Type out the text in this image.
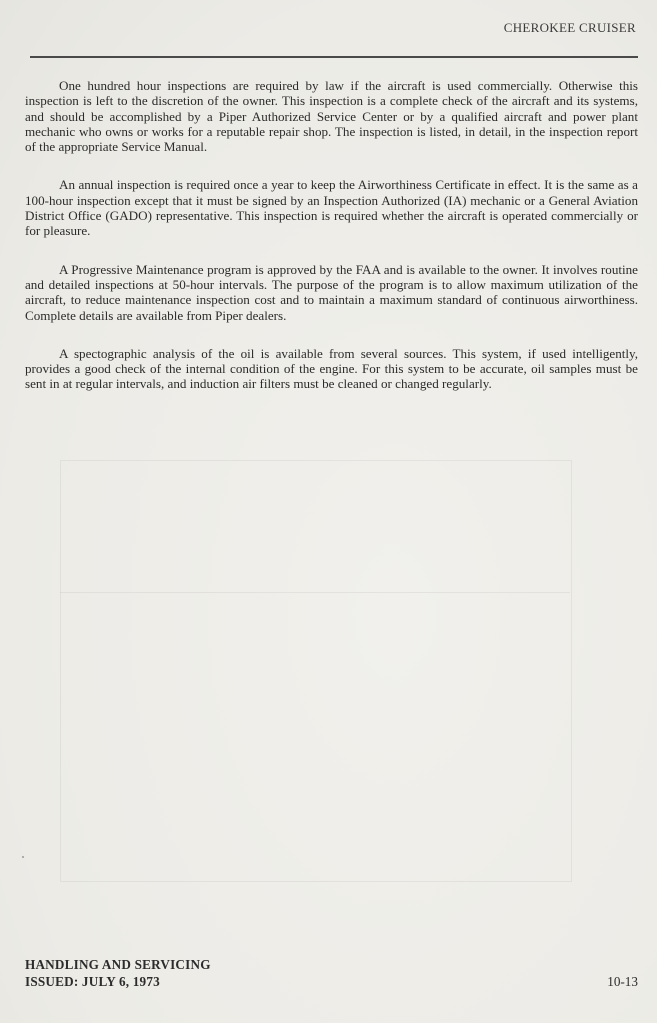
CHEROKEE CRUISER

One hundred hour inspections are required by law if the aircraft is used commercially. Otherwise this inspection is left to the discretion of the owner. This inspection is a complete check of the aircraft and its systems, and should be accomplished by a Piper Authorized Service Center or by a qualified aircraft and power plant mechanic who owns or works for a reputable repair shop. The inspection is listed, in detail, in the inspection report of the appropriate Service Manual.

An annual inspection is required once a year to keep the Airworthiness Certificate in effect. It is the same as a 100-hour inspection except that it must be signed by an Inspection Authorized (IA) mechanic or a General Aviation District Office (GADO) representative. This inspection is required whether the aircraft is operated commercially or for pleasure.

A Progressive Maintenance program is approved by the FAA and is available to the owner. It involves routine and detailed inspections at 50-hour intervals. The purpose of the program is to allow maximum utilization of the aircraft, to reduce maintenance inspection cost and to maintain a maximum standard of continuous airworthiness. Complete details are available from Piper dealers.

A spectographic analysis of the oil is available from several sources. This system, if used intelligently, provides a good check of the internal condition of the engine. For this system to be accurate, oil samples must be sent in at regular intervals, and induction air filters must be cleaned or changed regularly.

HANDLING AND SERVICING
ISSUED: JULY 6, 1973	10-13
